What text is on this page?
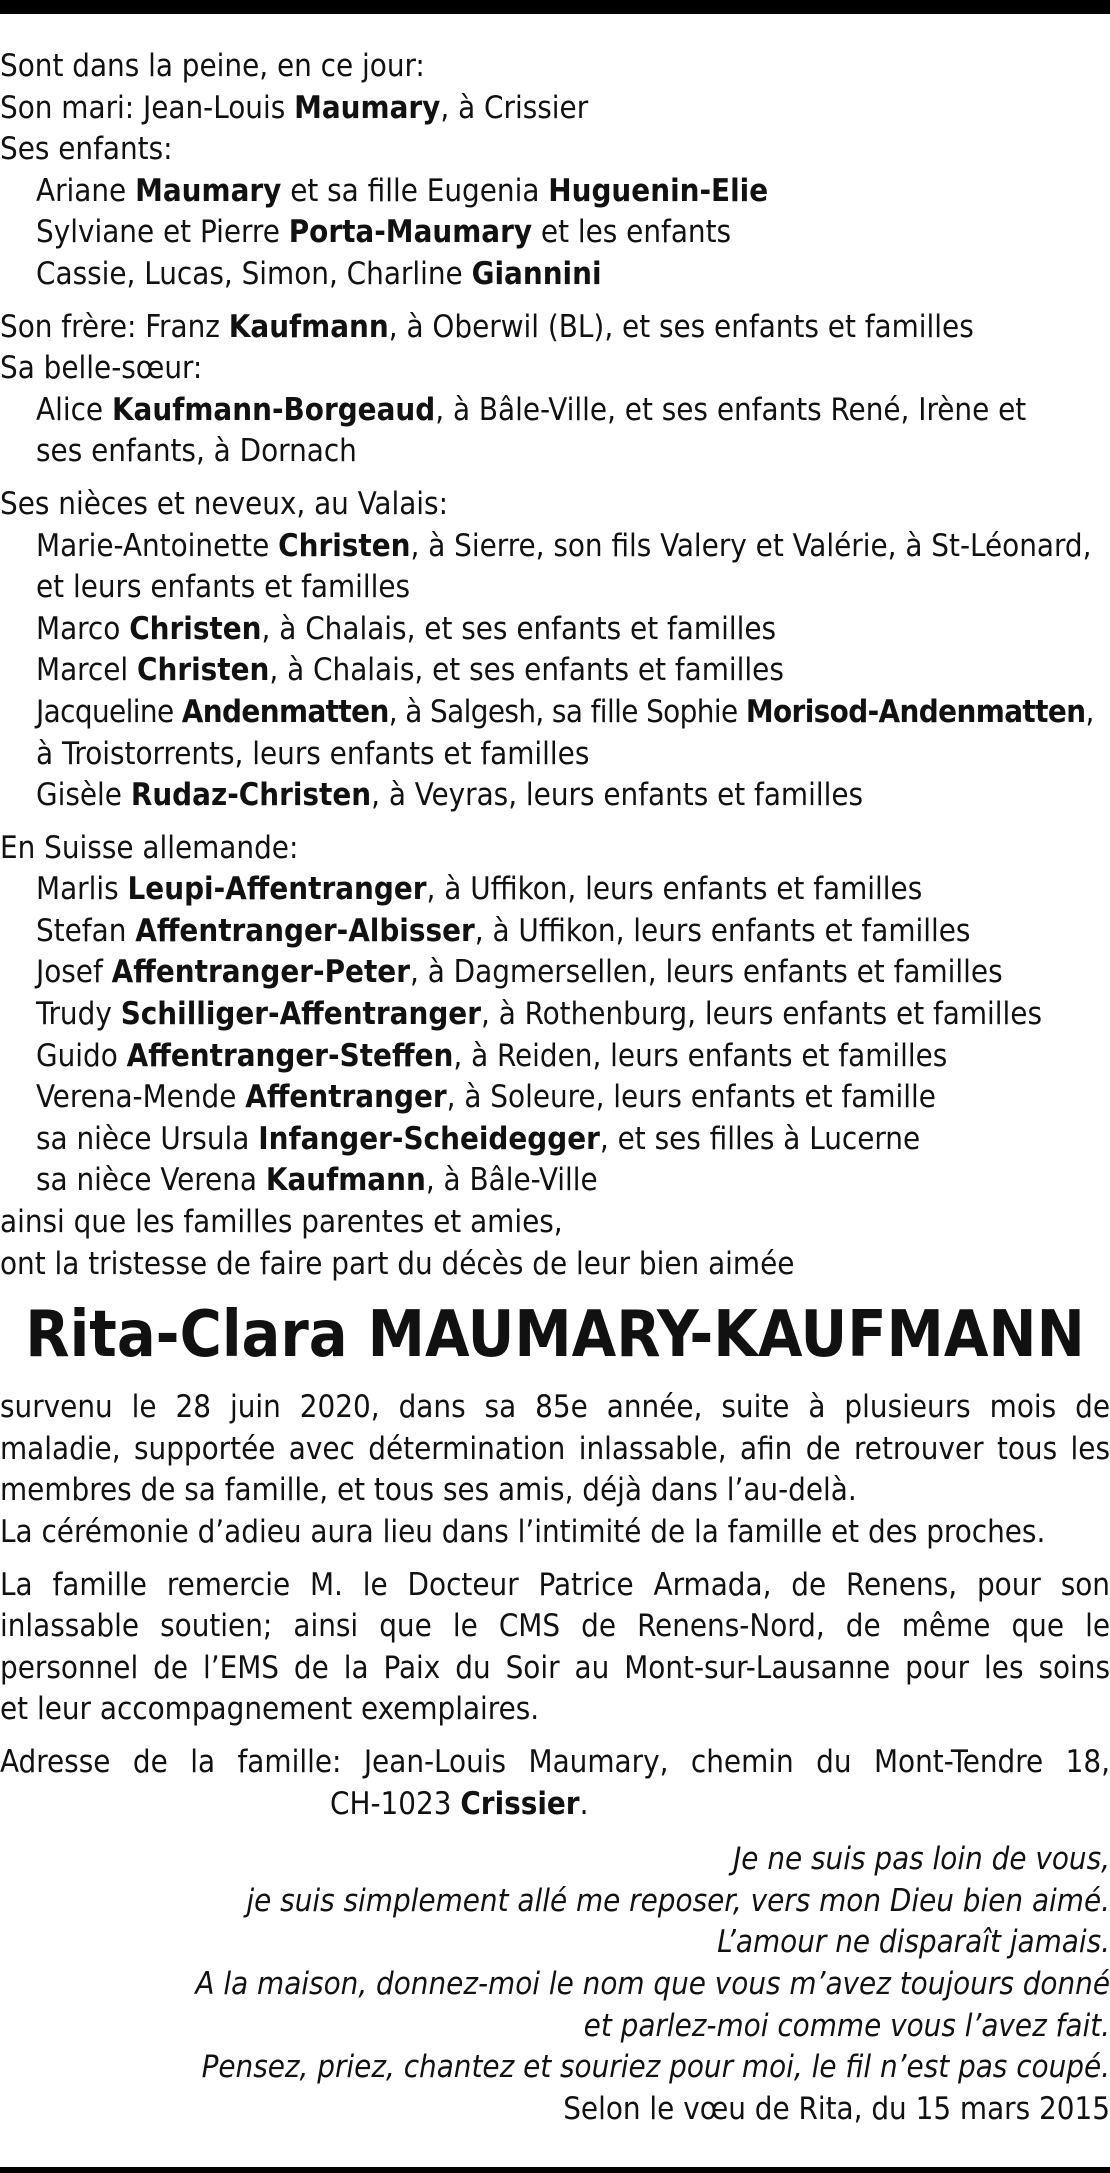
Sont dans la peine, en ce jour:
Son mari: Jean-Louis Maumary, à Crissier
Ses enfants:
Ariane Maumary et sa fille Eugenia Huguenin-Elie
Sylviane et Pierre Porta-Maumary et les enfants
Cassie, Lucas, Simon, Charline Giannini
Son frère: Franz Kaufmann, à Oberwil (BL), et ses enfants et familles
Sa belle-sœur:
Alice Kaufmann-Borgeaud, à Bâle-Ville, et ses enfants René, Irène et
ses enfants, à Dornach
Ses nièces et neveux, au Valais:
Marie-Antoinette Christen, à Sierre, son fils Valery et Valérie, à St-Léonard,
et leurs enfants et familles
Marco Christen, à Chalais, et ses enfants et familles
Marcel Christen, à Chalais, et ses enfants et familles
Jacqueline Andenmatten, à Salgesh, sa fille Sophie Morisod-Andenmatten,
à Troistorrents, leurs enfants et familles
Gisèle Rudaz-Christen, à Veyras, leurs enfants et familles
En Suisse allemande:
Marlis Leupi-Affentranger, à Uffikon, leurs enfants et familles
Stefan Affentranger-Albisser, à Uffikon, leurs enfants et familles
Josef Affentranger-Peter, à Dagmersellen, leurs enfants et familles
Trudy Schilliger-Affentranger, à Rothenburg, leurs enfants et familles
Guido Affentranger-Steffen, à Reiden, leurs enfants et familles
Verena-Mende Affentranger, à Soleure, leurs enfants et famille
sa nièce Ursula Infanger-Scheidegger, et ses filles à Lucerne
sa nièce Verena Kaufmann, à Bâle-Ville
ainsi que les familles parentes et amies,
ont la tristesse de faire part du décès de leur bien aimée
Rita-Clara MAUMARY-KAUFMANN
survenu le 28 juin 2020, dans sa 85e année, suite à plusieurs mois de
maladie, supportée avec détermination inlassable, afin de retrouver tous les
membres de sa famille, et tous ses amis, déjà dans l’au-delà.
La cérémonie d’adieu aura lieu dans l’intimité de la famille et des proches.
La famille remercie M. le Docteur Patrice Armada, de Renens, pour son
inlassable soutien; ainsi que le CMS de Renens-Nord, de même que le
personnel de l’EMS de la Paix du Soir au Mont-sur-Lausanne pour les soins
et leur accompagnement exemplaires.
Adresse de la famille: Jean-Louis Maumary, chemin du Mont-Tendre 18,
CH-1023 Crissier.
Je ne suis pas loin de vous,
je suis simplement allé me reposer, vers mon Dieu bien aimé.
L’amour ne disparaît jamais.
A la maison, donnez-moi le nom que vous m’avez toujours donné
et parlez-moi comme vous l’avez fait.
Pensez, priez, chantez et souriez pour moi, le fil n’est pas coupé.
Selon le vœu de Rita, du 15 mars 2015
